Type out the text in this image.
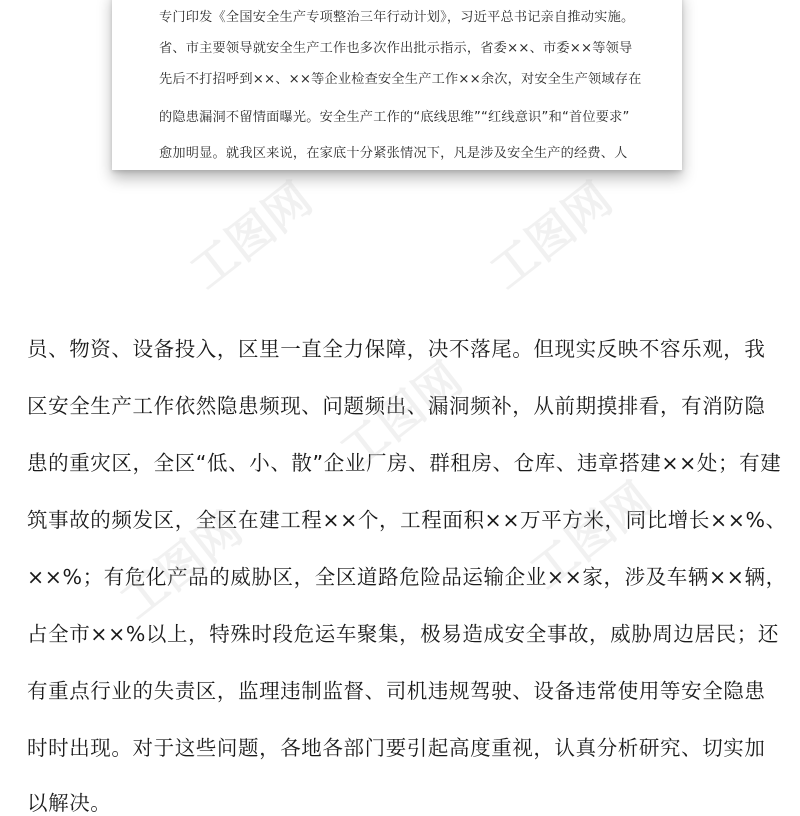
专门印发《全国安全生产专项整治三年行动计划》，习近平总书记亲自推动实施。
省、市主要领导就安全生产工作也多次作出批示指示，省委××、市委××等领导
先后不打招呼到××、××等企业检查安全生产工作××余次，对安全生产领域存在
的隐患漏洞不留情面曝光。安全生产工作的“底线思维”“红线意识”和“首位要求”
愈加明显。就我区来说，在家底十分紧张情况下，凡是涉及安全生产的经费、人
员、物资、设备投入，区里一直全力保障，决不落尾。但现实反映不容乐观，我
区安全生产工作依然隐患频现、问题频出、漏洞频补，从前期摸排看，有消防隐
患的重灾区，全区“低、小、散”企业厂房、群租房、仓库、违章搭建××处；有建
筑事故的频发区，全区在建工程××个，工程面积××万平方米，同比增长××%、
××%；有危化产品的威胁区，全区道路危险品运输企业××家，涉及车辆××辆，
占全市××%以上，特殊时段危运车聚集，极易造成安全事故，威胁周边居民；还
有重点行业的失责区，监理违制监督、司机违规驾驶、设备违常使用等安全隐患
时时出现。对于这些问题，各地各部门要引起高度重视，认真分析研究、切实加
以解决。
工图网	工图网
工图网
工图网	工图网
